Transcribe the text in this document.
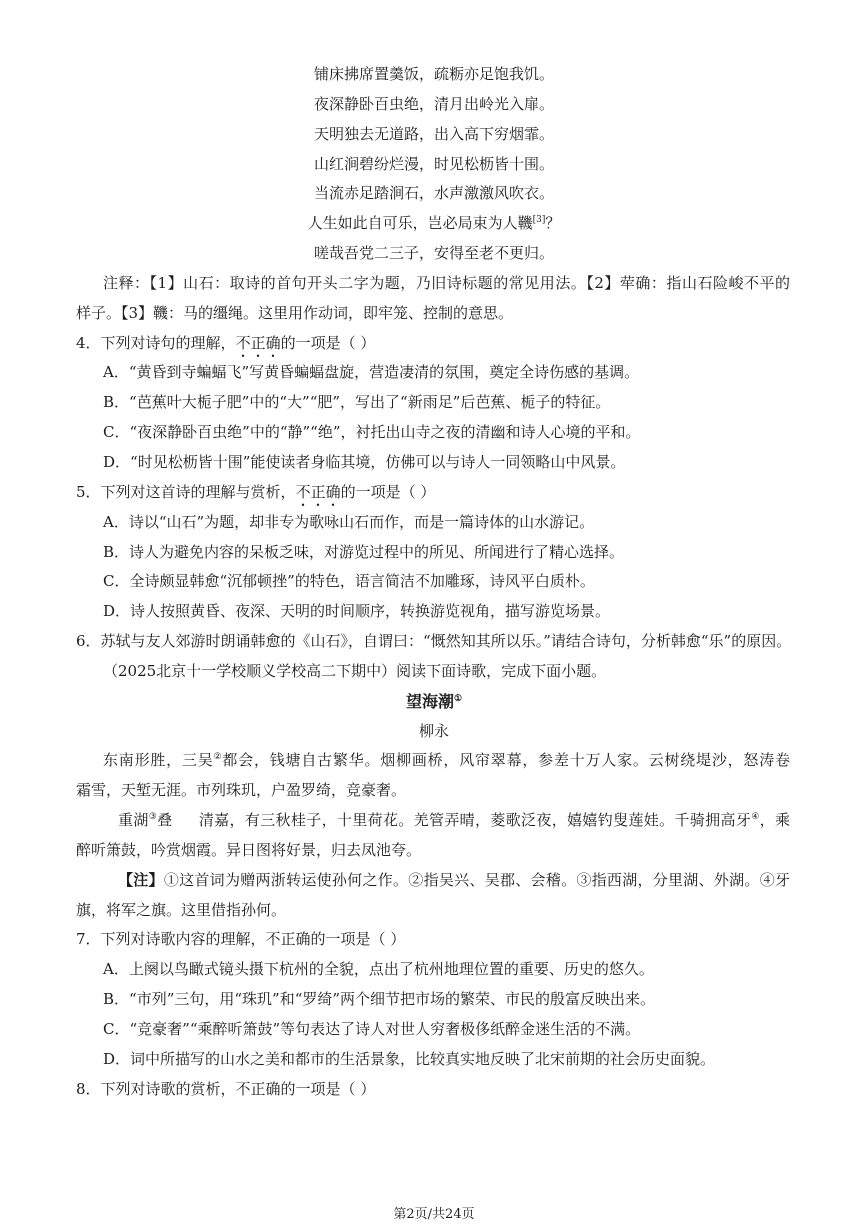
铺床拂席置羹饭，疏粝亦足饱我饥。
夜深静卧百虫绝，清月出岭光入扉。
天明独去无道路，出入高下穷烟霏。
山红涧碧纷烂漫，时见松枥皆十围。
当流赤足踏涧石，水声激激风吹衣。
人生如此自可乐，岂必局束为人鞿[3]？
嗟哉吾党二三子，安得至老不更归。
注释：【1】山石：取诗的首句开头二字为题，乃旧诗标题的常见用法。【2】荦确：指山石险峻不平的
样子。【3】鞿：马的缰绳。这里用作动词，即牢笼、控制的意思。
4．下列对诗句的理解，不正确的一项是（ ）
A．“黄昏到寺蝙蝠飞”写黄昏蝙蝠盘旋，营造凄清的氛围，奠定全诗伤感的基调。
B．“芭蕉叶大栀子肥”中的“大”“肥”，写出了“新雨足”后芭蕉、栀子的特征。
C．“夜深静卧百虫绝”中的“静”“绝”，衬托出山寺之夜的清幽和诗人心境的平和。
D．“时见松枥皆十围”能使读者身临其境，仿佛可以与诗人一同领略山中风景。
5．下列对这首诗的理解与赏析，不正确的一项是（ ）
A．诗以“山石”为题，却非专为歌咏山石而作，而是一篇诗体的山水游记。
B．诗人为避免内容的呆板乏味，对游览过程中的所见、所闻进行了精心选择。
C．全诗颇显韩愈“沉郁顿挫”的特色，语言简洁不加雕琢，诗风平白质朴。
D．诗人按照黄昏、夜深、天明的时间顺序，转换游览视角，描写游览场景。
6．苏轼与友人郊游时朗诵韩愈的《山石》，自谓曰：“慨然知其所以乐。”请结合诗句，分析韩愈“乐”的原因。
（2025北京十一学校顺义学校高二下期中）阅读下面诗歌，完成下面小题。
望海潮①
柳永
东南形胜，三吴②都会，钱塘自古繁华。烟柳画桥，风帘翠幕，参差十万人家。云树绕堤沙，怒涛卷
霜雪，天堑无涯。市列珠玑，户盈罗绮，竞豪奢。
重湖③叠 清嘉，有三秋桂子，十里荷花。羌管弄晴，菱歌泛夜，嬉嬉钓叟莲娃。千骑拥高牙④，乘
醉听箫鼓，吟赏烟霞。异日图将好景，归去凤池夸。
【注】①这首词为赠两浙转运使孙何之作。②指吴兴、吴郡、会稽。③指西湖，分里湖、外湖。④牙
旗，将军之旗。这里借指孙何。
7．下列对诗歌内容的理解，不正确的一项是（ ）
A．上阕以鸟瞰式镜头摄下杭州的全貌，点出了杭州地理位置的重要、历史的悠久。
B．“市列”三句，用“珠玑”和“罗绮”两个细节把市场的繁荣、市民的殷富反映出来。
C．“竞豪奢”“乘醉听箫鼓”等句表达了诗人对世人穷奢极侈纸醉金迷生活的不满。
D．词中所描写的山水之美和都市的生活景象，比较真实地反映了北宋前期的社会历史面貌。
8．下列对诗歌的赏析，不正确的一项是（ ）
第2页/共24页
